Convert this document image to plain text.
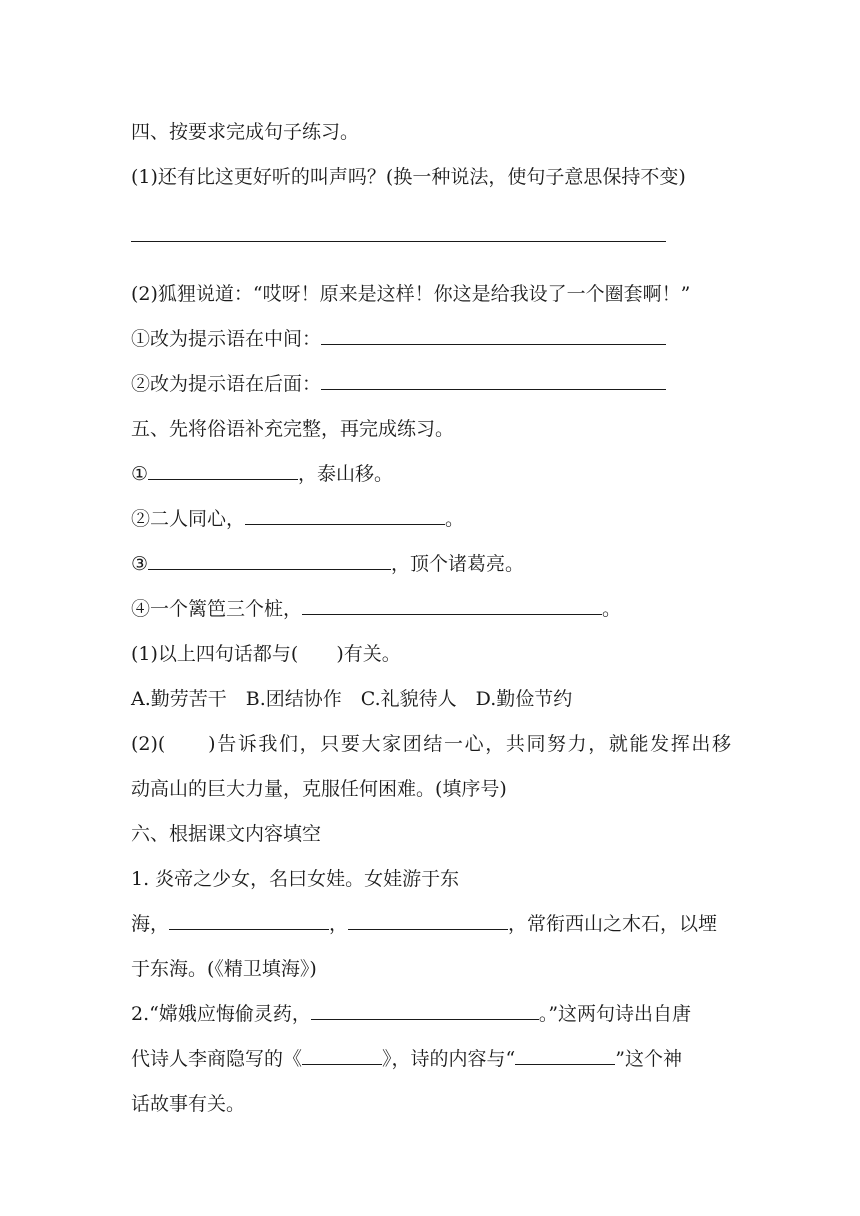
四、按要求完成句子练习。
(1)还有比这更好听的叫声吗？(换一种说法，使句子意思保持不变)
(2)狐狸说道：“哎呀！原来是这样！你这是给我设了一个圈套啊！”
①改为提示语在中间：
②改为提示语在后面：
五、先将俗语补充完整，再完成练习。
①	，泰山移。
②二人同心，	。
③	，顶个诸葛亮。
④一个篱笆三个桩，	。
(1)以上四句话都与(　　)有关。
A.勤劳苦干　B.团结协作　C.礼貌待人　D.勤俭节约
(2)(　　)告诉我们，只要大家团结一心，共同努力，就能发挥出移
动高山的巨大力量，克服任何困难。(填序号)
六、根据课文内容填空
1. 炎帝之少女，名曰女娃。女娃游于东
海，	，	，常衔西山之木石，以堙
于东海。(《精卫填海》)
2.“嫦娥应悔偷灵药，	。”这两句诗出自唐
代诗人李商隐写的《	》，诗的内容与“	”这个神
话故事有关。
